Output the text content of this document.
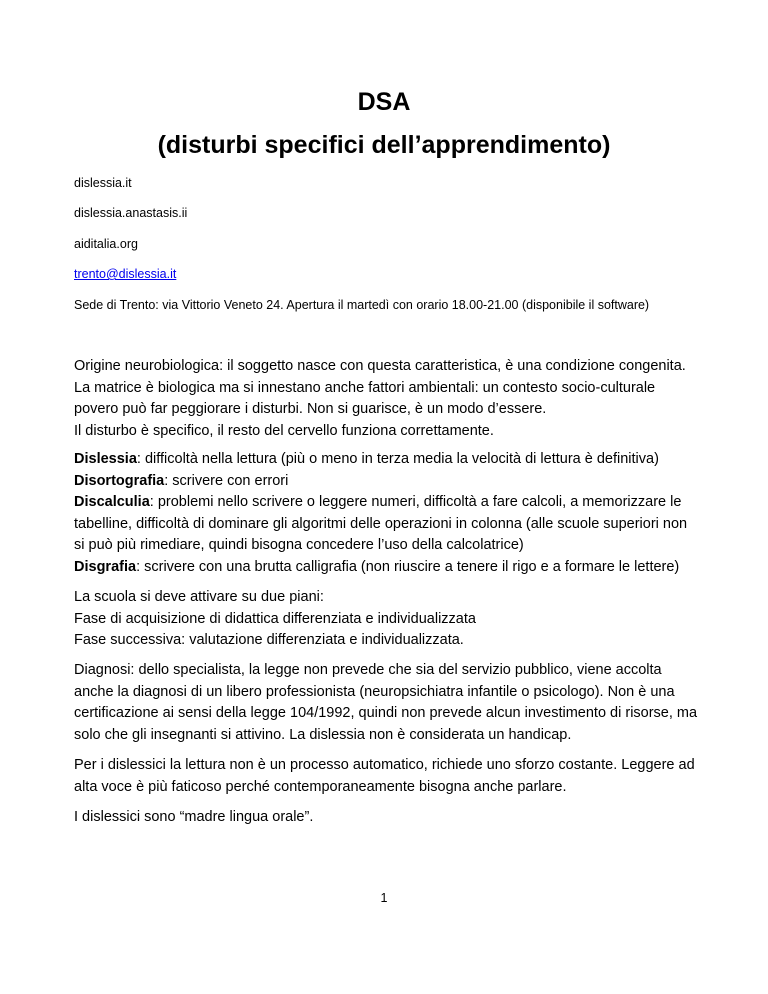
DSA
(disturbi specifici dell’apprendimento)
dislessia.it
dislessia.anastasis.ii
aiditalia.org
trento@dislessia.it
Sede di Trento: via Vittorio Veneto 24. Apertura il martedì con orario 18.00-21.00 (disponibile il software)

Origine neurobiologica: il soggetto nasce con questa caratteristica, è una condizione congenita. La matrice è biologica ma si innestano anche fattori ambientali: un contesto socio-culturale povero può far peggiorare i disturbi. Non si guarisce, è un modo d’essere.

Il disturbo è specifico, il resto del cervello funziona correttamente.

Dislessia: difficoltà nella lettura (più o meno in terza media la velocità di lettura è definitiva)

Disortografia: scrivere con errori

Discalculia: problemi nello scrivere o leggere numeri, difficoltà a fare calcoli, a memorizzare le tabelline, difficoltà di dominare gli algoritmi delle operazioni in colonna (alle scuole superiori non si può più rimediare, quindi bisogna concedere l’uso della calcolatrice)

Disgrafia: scrivere con una brutta calligrafia (non riuscire a tenere il rigo e a formare le lettere)

La scuola si deve attivare su due piani:

Fase di acquisizione di didattica differenziata e individualizzata

Fase successiva: valutazione differenziata e individualizzata.

Diagnosi: dello specialista, la legge non prevede che sia del servizio pubblico, viene accolta anche la diagnosi di un libero professionista (neuropsichiatra infantile o psicologo). Non è una certificazione ai sensi della legge 104/1992, quindi non prevede alcun investimento di risorse, ma solo che gli insegnanti si attivino. La dislessia non è considerata un handicap.
Per i dislessici la lettura non è un processo automatico, richiede uno sforzo costante. Leggere ad alta voce è più faticoso perché contemporaneamente bisogna anche parlare.
I dislessici sono “madre lingua orale”.
1
